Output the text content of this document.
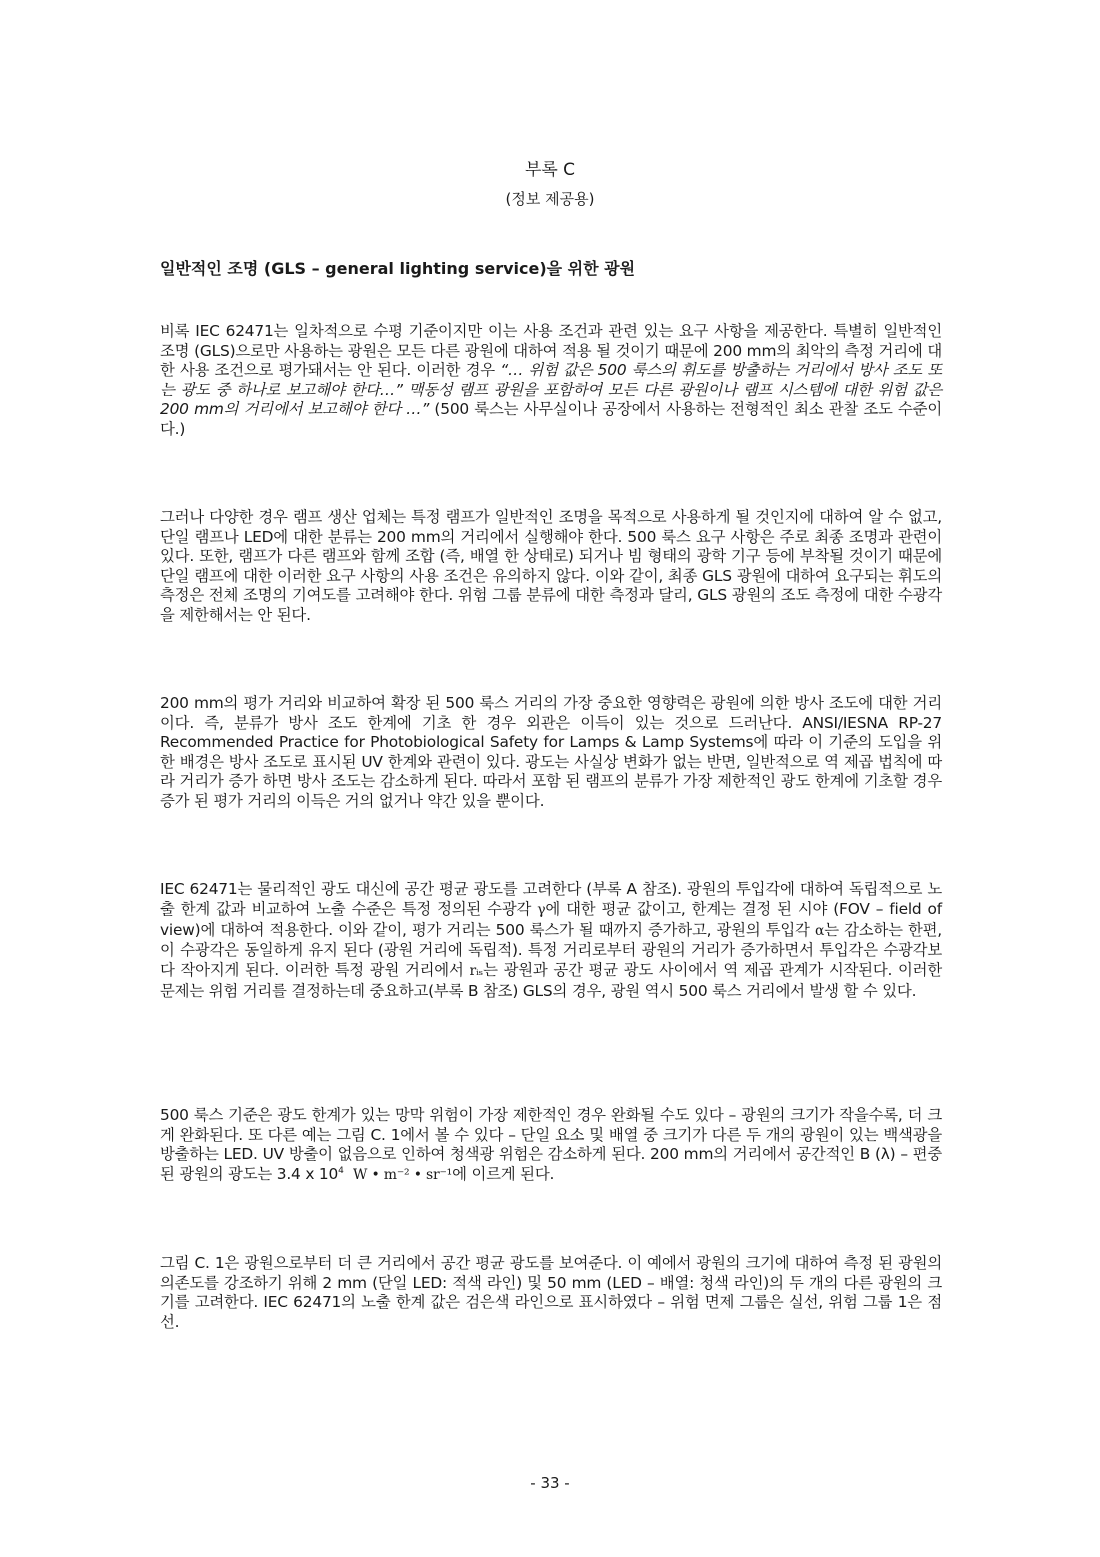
부록 C
(정보 제공용)
일반적인 조명 (GLS – general lighting service)을 위한 광원
비록 IEC 62471는 일차적으로 수평 기준이지만 이는 사용 조건과 관련 있는 요구 사항을 제공한다. 특별히 일반적인 조명 (GLS)으로만 사용하는 광원은 모든 다른 광원에 대하여 적용 될 것이기 때문에 200 mm의 최악의 측정 거리에 대한 사용 조건으로 평가돼서는 안 된다. 이러한 경우 “… 위험 값은 500 룩스의 휘도를 방출하는 거리에서 방사 조도 또는 광도 중 하나로 보고해야 한다…” 맥동성 램프 광원을 포함하여 모든 다른 광원이나 램프 시스템에 대한 위험 값은 200 mm의 거리에서 보고해야 한다 …” (500 룩스는 사무실이나 공장에서 사용하는 전형적인 최소 관찰 조도 수준이다.)
그러나 다양한 경우 램프 생산 업체는 특정 램프가 일반적인 조명을 목적으로 사용하게 될 것인지에 대하여 알 수 없고, 단일 램프나 LED에 대한 분류는 200 mm의 거리에서 실행해야 한다. 500 룩스 요구 사항은 주로 최종 조명과 관련이 있다. 또한, 램프가 다른 램프와 함께 조합 (즉, 배열 한 상태로) 되거나 빔 형태의 광학 기구 등에 부착될 것이기 때문에 단일 램프에 대한 이러한 요구 사항의 사용 조건은 유의하지 않다. 이와 같이, 최종 GLS 광원에 대하여 요구되는 휘도의 측정은 전체 조명의 기여도를 고려해야 한다. 위험 그룹 분류에 대한 측정과 달리, GLS 광원의 조도 측정에 대한 수광각을 제한해서는 안 된다.
200 mm의 평가 거리와 비교하여 확장 된 500 룩스 거리의 가장 중요한 영향력은 광원에 의한 방사 조도에 대한 거리이다. 즉, 분류가 방사 조도 한계에 기초 한 경우 외관은 이득이 있는 것으로 드러난다. ANSI/IESNA RP-27 Recommended Practice for Photobiological Safety for Lamps & Lamp Systems에 따라 이 기준의 도입을 위한 배경은 방사 조도로 표시된 UV 한계와 관련이 있다. 광도는 사실상 변화가 없는 반면, 일반적으로 역 제곱 법칙에 따라 거리가 증가 하면 방사 조도는 감소하게 된다. 따라서 포함 된 램프의 분류가 가장 제한적인 광도 한계에 기초할 경우 증가 된 평가 거리의 이득은 거의 없거나 약간 있을 뿐이다.
IEC 62471는 물리적인 광도 대신에 공간 평균 광도를 고려한다 (부록 A 참조). 광원의 투입각에 대하여 독립적으로 노출 한계 값과 비교하여 노출 수준은 특정 정의된 수광각 γ에 대한 평균 값이고, 한계는 결정 된 시야 (FOV – field of view)에 대하여 적용한다. 이와 같이, 평가 거리는 500 룩스가 될 때까지 증가하고, 광원의 투입각 α는 감소하는 한편, 이 수광각은 동일하게 유지 된다 (광원 거리에 독립적). 특정 거리로부터 광원의 거리가 증가하면서 투입각은 수광각보다 작아지게 된다. 이러한 특정 광원 거리에서 rᵢₛ는 광원과 공간 평균 광도 사이에서 역 제곱 관계가 시작된다. 이러한 문제는 위험 거리를 결정하는데 중요하고(부록 B 참조) GLS의 경우, 광원 역시 500 룩스 거리에서 발생 할 수 있다.
500 룩스 기준은 광도 한계가 있는 망막 위험이 가장 제한적인 경우 완화될 수도 있다 – 광원의 크기가 작을수록, 더 크게 완화된다. 또 다른 예는 그림 C. 1에서 볼 수 있다 – 단일 요소 및 배열 중 크기가 다른 두 개의 광원이 있는 백색광을 방출하는 LED. UV 방출이 없음으로 인하여 청색광 위험은 감소하게 된다. 200 mm의 거리에서 공간적인 B (λ) – 편중된 광원의 광도는 3.4 x $10^4$ W • m⁻² • sr⁻¹에 이르게 된다.
그림 C. 1은 광원으로부터 더 큰 거리에서 공간 평균 광도를 보여준다. 이 예에서 광원의 크기에 대하여 측정 된 광원의 의존도를 강조하기 위해 2 mm (단일 LED: 적색 라인) 및 50 mm (LED – 배열: 청색 라인)의 두 개의 다른 광원의 크기를 고려한다. IEC 62471의 노출 한계 값은 검은색 라인으로 표시하였다 – 위험 면제 그룹은 실선, 위험 그룹 1은 점선.
- 33 -
